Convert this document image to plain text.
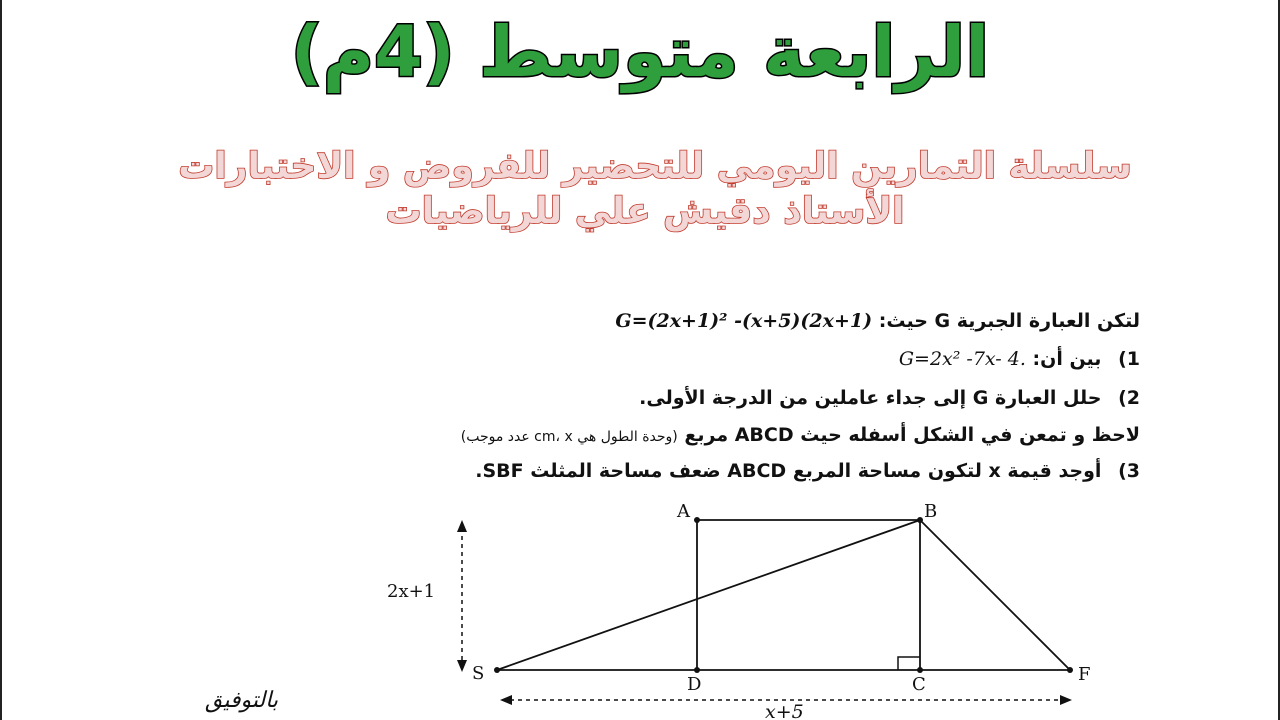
الرابعة متوسط (4م)
سلسلة التمارين اليومي للتحضير للفروض و الاختبارات
الأستاذ دقيش علي للرياضيات
لتكن العبارة الجبرية G حيث: G=(2x+1)² -(x+5)(2x+1)
1) بين أن: G=2x² -7x- 4.
2) حلل العبارة G إلى جداء عاملين من الدرجة الأولى.
لاحظ و تمعن في الشكل أسفله حيث ABCD مربع (وحدة الطول هي cm، x عدد موجب)
3) أوجد قيمة x لتكون مساحة المربع ABCD ضعف مساحة المثلث SBF.
2x+1
x+5
A	B
C
D
S	F
بالتوفيق
